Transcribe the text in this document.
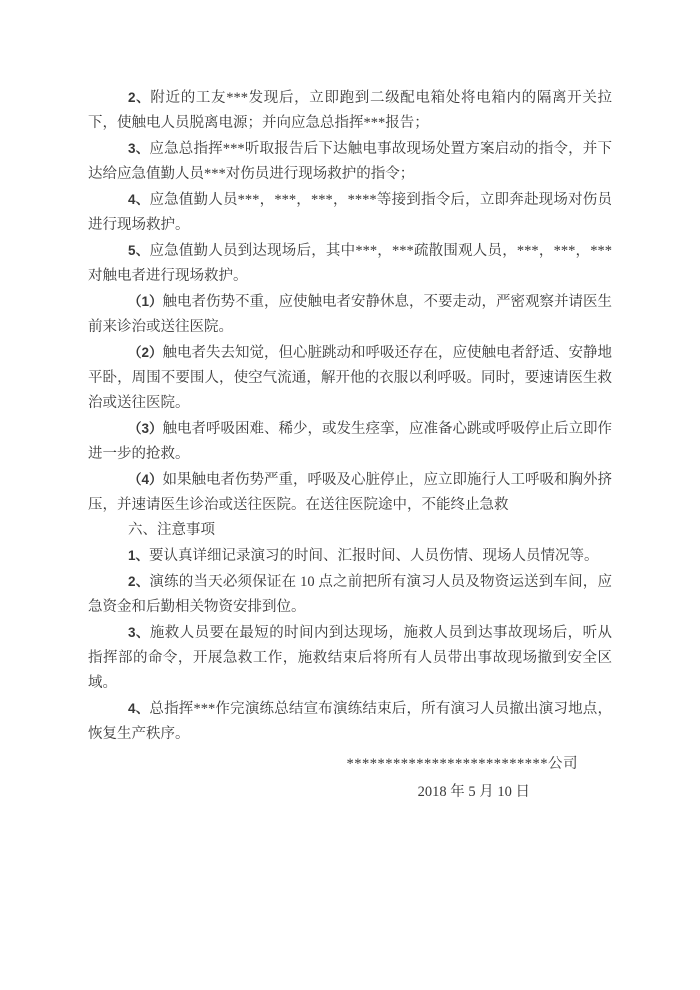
2、附近的工友***发现后，立即跑到二级配电箱处将电箱内的隔离开关拉下，使触电人员脱离电源；并向应急总指挥***报告；

3、应急总指挥***听取报告后下达触电事故现场处置方案启动的指令，并下达给应急值勤人员***对伤员进行现场救护的指令；

4、应急值勤人员***，***，***，****等接到指令后，立即奔赴现场对伤员进行现场救护。

5、应急值勤人员到达现场后，其中***，***疏散围观人员，***，***，***对触电者进行现场救护。

（1）触电者伤势不重，应使触电者安静休息，不要走动，严密观察并请医生前来诊治或送往医院。

（2）触电者失去知觉，但心脏跳动和呼吸还存在，应使触电者舒适、安静地平卧，周围不要围人，使空气流通，解开他的衣服以利呼吸。同时，要速请医生救治或送往医院。

（3）触电者呼吸困难、稀少，或发生痉挛，应准备心跳或呼吸停止后立即作进一步的抢救。

（4）如果触电者伤势严重，呼吸及心脏停止，应立即施行人工呼吸和胸外挤压，并速请医生诊治或送往医院。在送往医院途中，不能终止急救

六、注意事项

1、要认真详细记录演习的时间、汇报时间、人员伤情、现场人员情况等。

2、演练的当天必须保证在 10 点之前把所有演习人员及物资运送到车间，应急资金和后勤相关物资安排到位。

3、施救人员要在最短的时间内到达现场，施救人员到达事故现场后，听从指挥部的命令，开展急救工作，施救结束后将所有人员带出事故现场撤到安全区域。

4、总指挥***作完演练总结宣布演练结束后，所有演习人员撤出演习地点，恢复生产秩序。

**************************公司

2018 年 5 月 10 日
